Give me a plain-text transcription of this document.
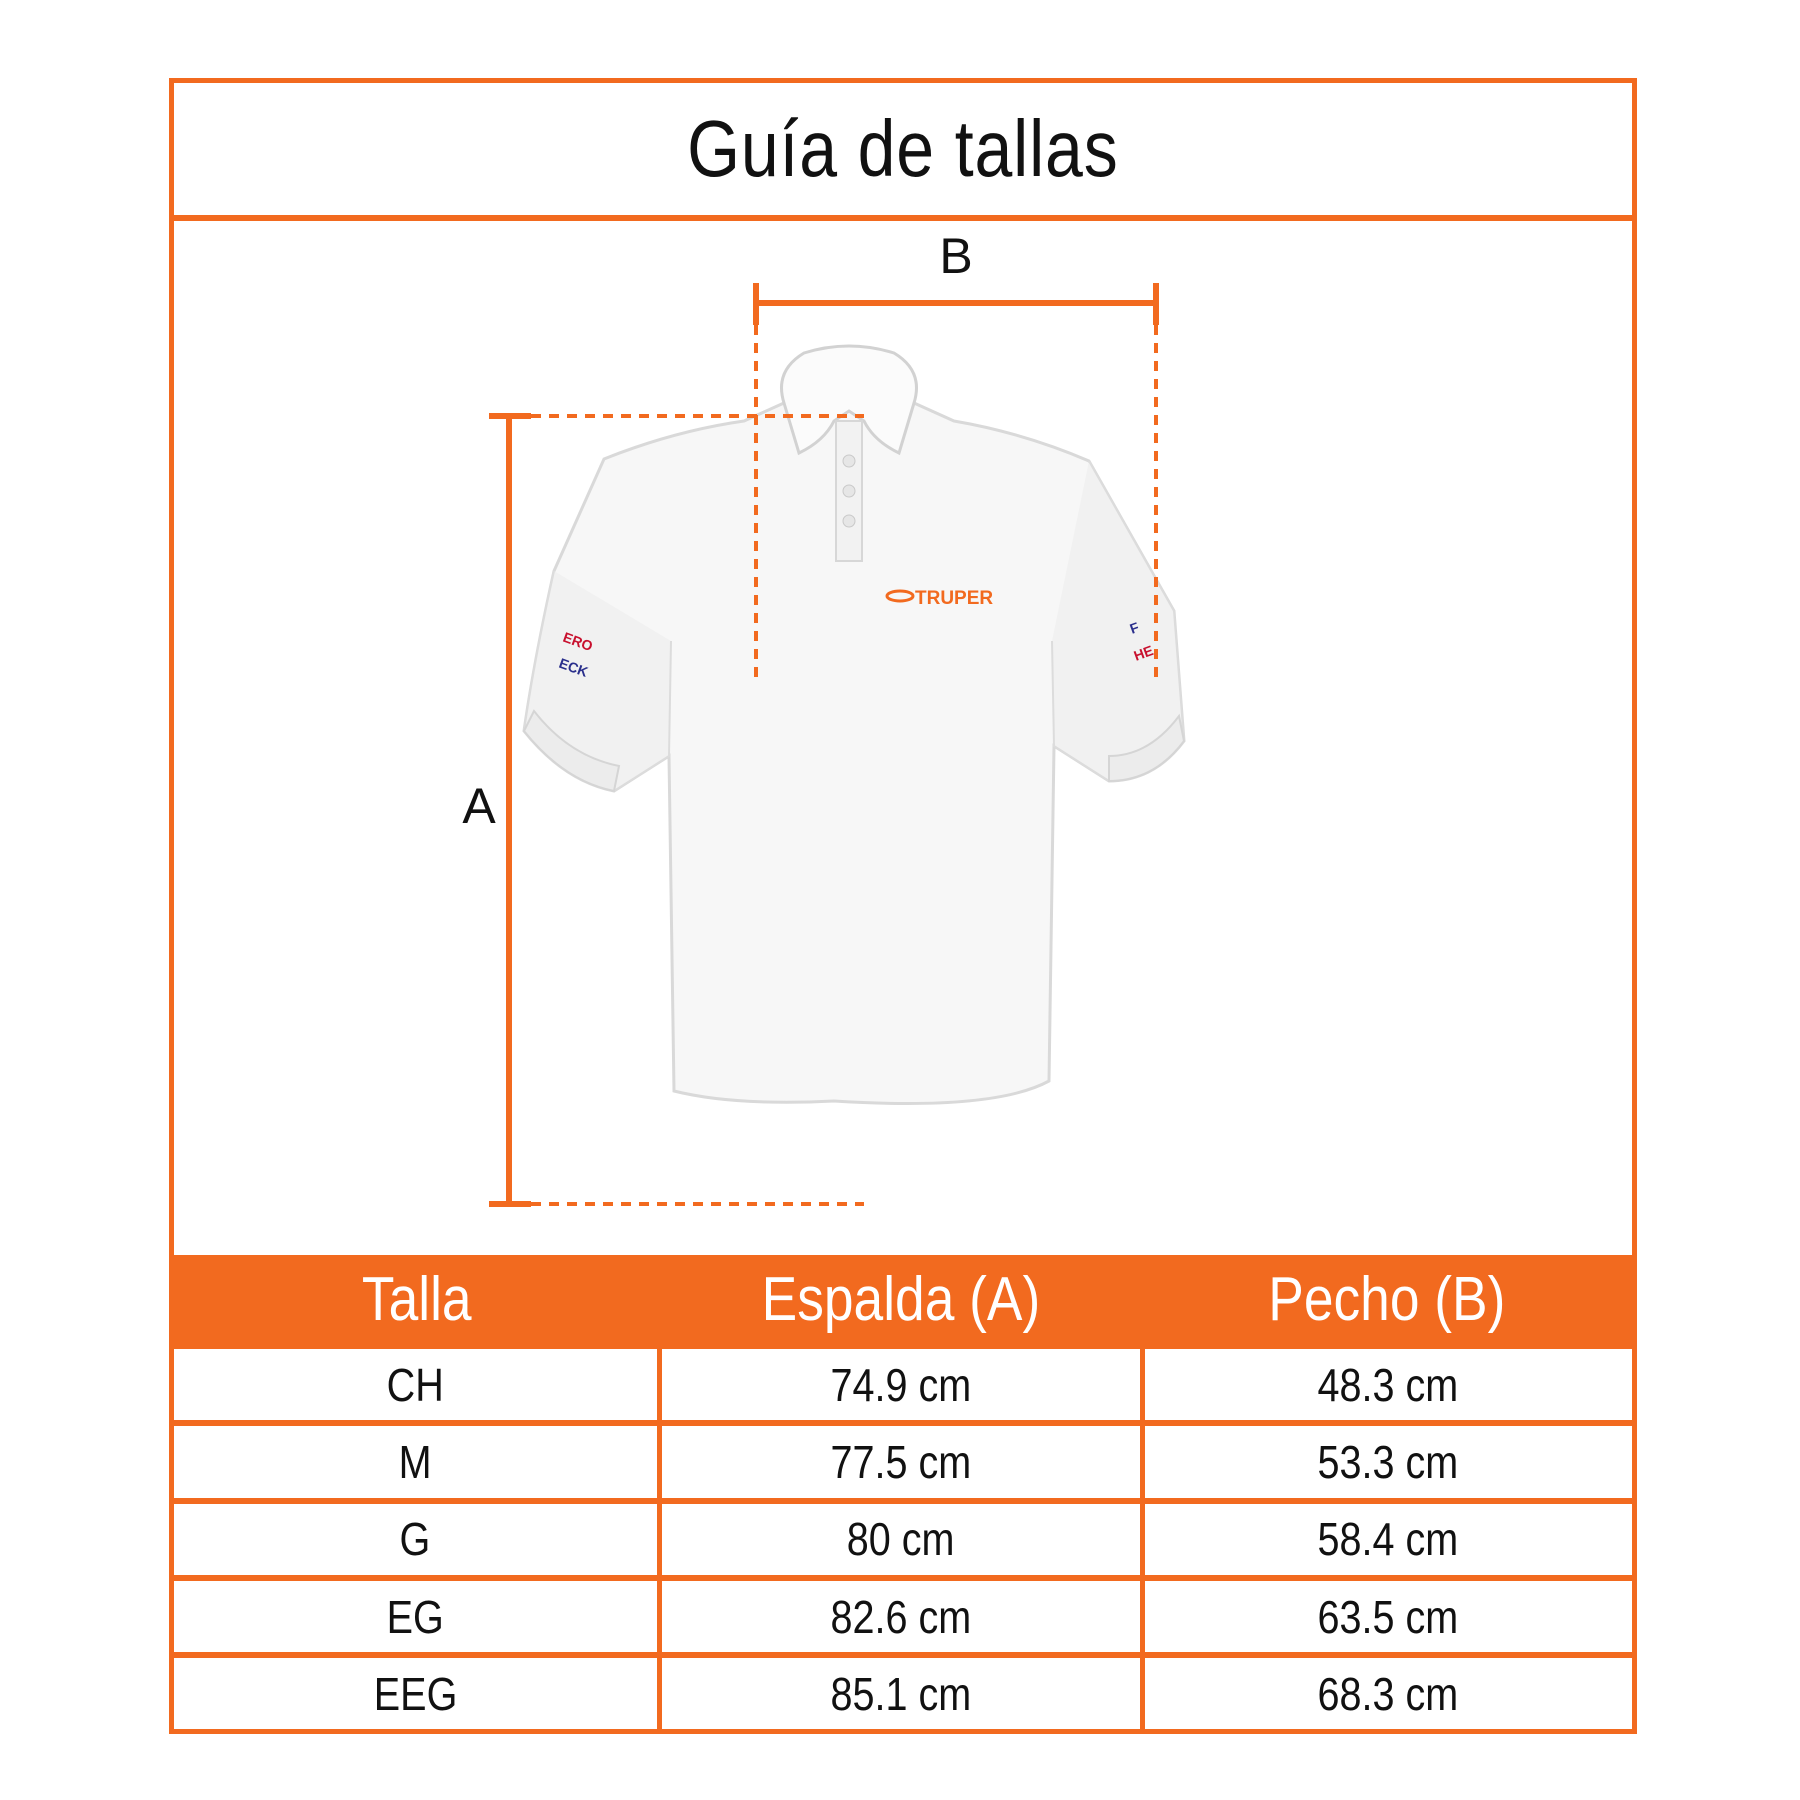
Guía de tallas
ERO
ECK
F
HE
TRUPER
B
A
Talla	Espalda (A)	Pecho (B)
CH	74.9 cm	48.3 cm
M	77.5 cm	53.3 cm
G	80 cm	58.4 cm
EG	82.6 cm	63.5 cm
EEG	85.1 cm	68.3 cm
